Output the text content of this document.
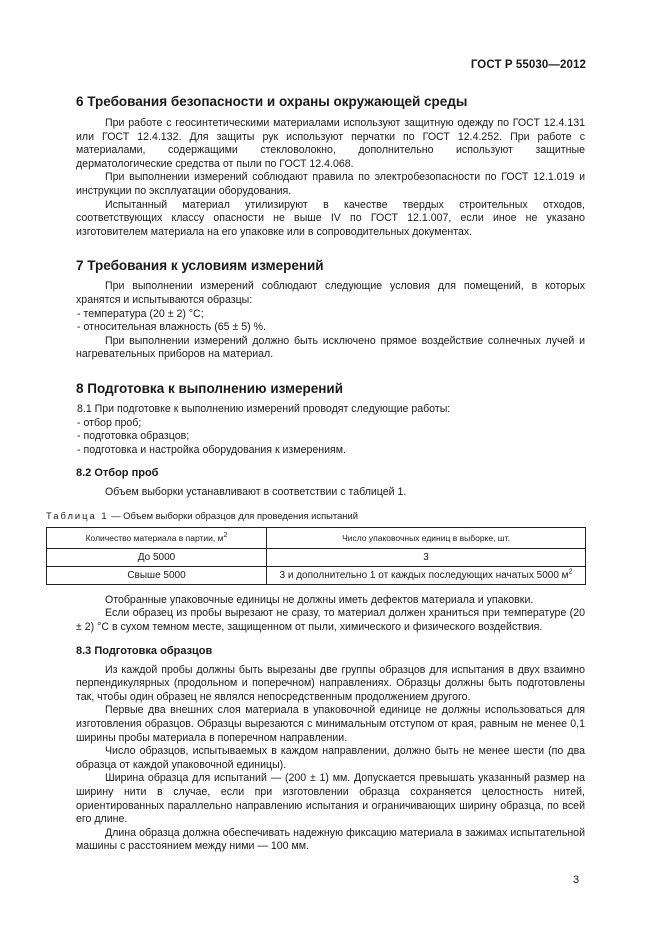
ГОСТ Р 55030—2012
6 Требования безопасности и охраны окружающей среды

При работе с геосинтетическими материалами используют защитную одежду по ГОСТ 12.4.131 или ГОСТ 12.4.132. Для защиты рук используют перчатки по ГОСТ 12.4.252. При работе с материалами, содержащими стекловолокно, дополнительно используют защитные дерматологические средства от пыли по ГОСТ 12.4.068.

При выполнении измерений соблюдают правила по электробезопасности по ГОСТ 12.1.019 и инструкции по эксплуатации оборудования.

Испытанный материал утилизируют в качестве твердых строительных отходов, соответствующих классу опасности не выше IV по ГОСТ 12.1.007, если иное не указано изготовителем материала на его упаковке или в сопроводительных документах.

7 Требования к условиям измерений

При выполнении измерений соблюдают следующие условия для помещений, в которых хранятся и испытываются образцы:

- температура (20 ± 2) °С;

- относительная влажность (65 ± 5) %.

При выполнении измерений должно быть исключено прямое воздействие солнечных лучей и нагревательных приборов на материал.

8 Подготовка к выполнению измерений

8.1 При подготовке к выполнению измерений проводят следующие работы:

- отбор проб;

- подготовка образцов;

- подготовка и настройка оборудования к измерениям.

8.2 Отбор проб

Объем выборки устанавливают в соответствии с таблицей 1.

Таблица 1 — Объем выборки образцов для проведения испытаний

Количество материала в партии, $м^2$	Число упаковочных единиц в выборке, шт.
До 5000	3
Свыше 5000	3 и дополнительно 1 от каждых последующих начатых 5000 $м^2$

Отобранные упаковочные единицы не должны иметь дефектов материала и упаковки.

Если образец из пробы вырезают не сразу, то материал должен храниться при температуре (20 ± 2) °С в сухом темном месте, защищенном от пыли, химического и физического воздействия.

8.3 Подготовка образцов

Из каждой пробы должны быть вырезаны две группы образцов для испытания в двух взаимно перпендикулярных (продольном и поперечном) направлениях. Образцы должны быть подготовлены так, чтобы один образец не являлся непосредственным продолжением другого.

Первые два внешних слоя материала в упаковочной единице не должны использоваться для изготовления образцов. Образцы вырезаются с минимальным отступом от края, равным не менее 0,1 ширины пробы материала в поперечном направлении.

Число образцов, испытываемых в каждом направлении, должно быть не менее шести (по два образца от каждой упаковочной единицы).

Ширина образца для испытаний — (200 ± 1) мм. Допускается превышать указанный размер на ширину нити в случае, если при изготовлении образца сохраняется целостность нитей, ориентированных параллельно направлению испытания и ограничивающих ширину образца, по всей его длине.

Длина образца должна обеспечивать надежную фиксацию материала в зажимах испытательной машины с расстоянием между ними — 100 мм.

3
